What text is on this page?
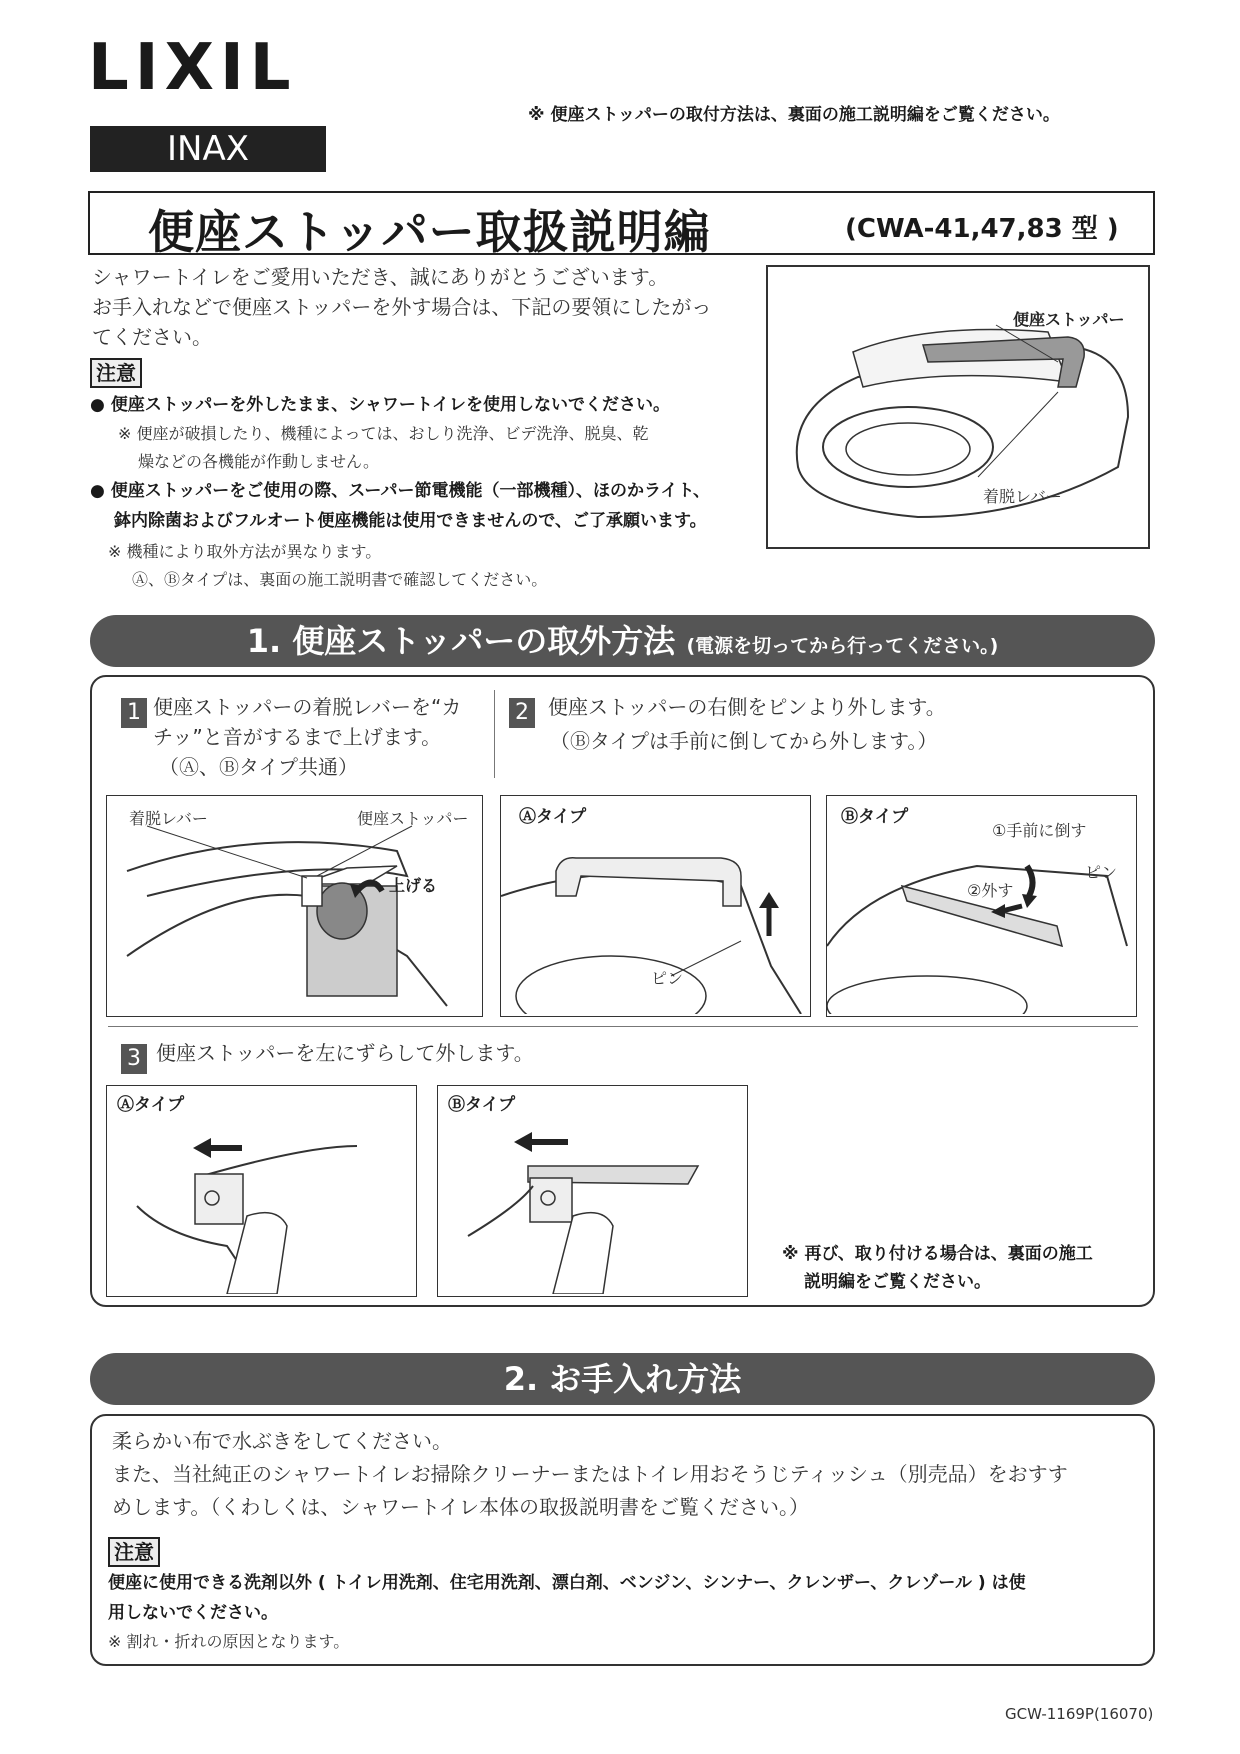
LIXIL
INAX
※ 便座ストッパーの取付方法は、裏面の施工説明編をご覧ください。
便座ストッパー取扱説明編	(CWA-41,47,83 型 )
シャワートイレをご愛用いただき、誠にありがとうございます。
お手入れなどで便座ストッパーを外す場合は、下記の要領にしたがっ
てください。
注意
● 便座ストッパーを外したまま、シャワートイレを使用しないでください。
※ 便座が破損したり、機種によっては、おしり洗浄、ビデ洗浄、脱臭、乾
燥などの各機能が作動しません。
● 便座ストッパーをご使用の際、スーパー節電機能（一部機種）、ほのかライト、
鉢内除菌およびフルオート便座機能は使用できませんので、ご了承願います。
※ 機種により取外方法が異なります。
Ⓐ、Ⓑタイプは、裏面の施工説明書で確認してください。
便座ストッパー
着脱レバー
1. 便座ストッパーの取外方法 (電源を切ってから行ってください。)
1 便座ストッパーの着脱レバーを“カ
チッ”と音がするまで上げます。
（Ⓐ、Ⓑタイプ共通）
着脱レバー	便座ストッパー
上げる
2 便座ストッパーの右側をピンより外します。
（Ⓑタイプは手前に倒してから外します。）
Ⓐタイプ
ピン
Ⓑタイプ
①手前に倒す
②外す
ピン
3 便座ストッパーを左にずらして外します。
Ⓐタイプ	Ⓑタイプ
※ 再び、取り付ける場合は、裏面の施工
説明編をご覧ください。
2. お手入れ方法
柔らかい布で水ぶきをしてください。
また、当社純正のシャワートイレお掃除クリーナーまたはトイレ用おそうじティッシュ（別売品）をおすす
めします。（くわしくは、シャワートイレ本体の取扱説明書をご覧ください。）
注意
便座に使用できる洗剤以外 ( トイレ用洗剤、住宅用洗剤、漂白剤、ベンジン、シンナー、クレンザー、クレゾール ) は使
用しないでください。
※ 割れ・折れの原因となります。
GCW-1169P(16070)
